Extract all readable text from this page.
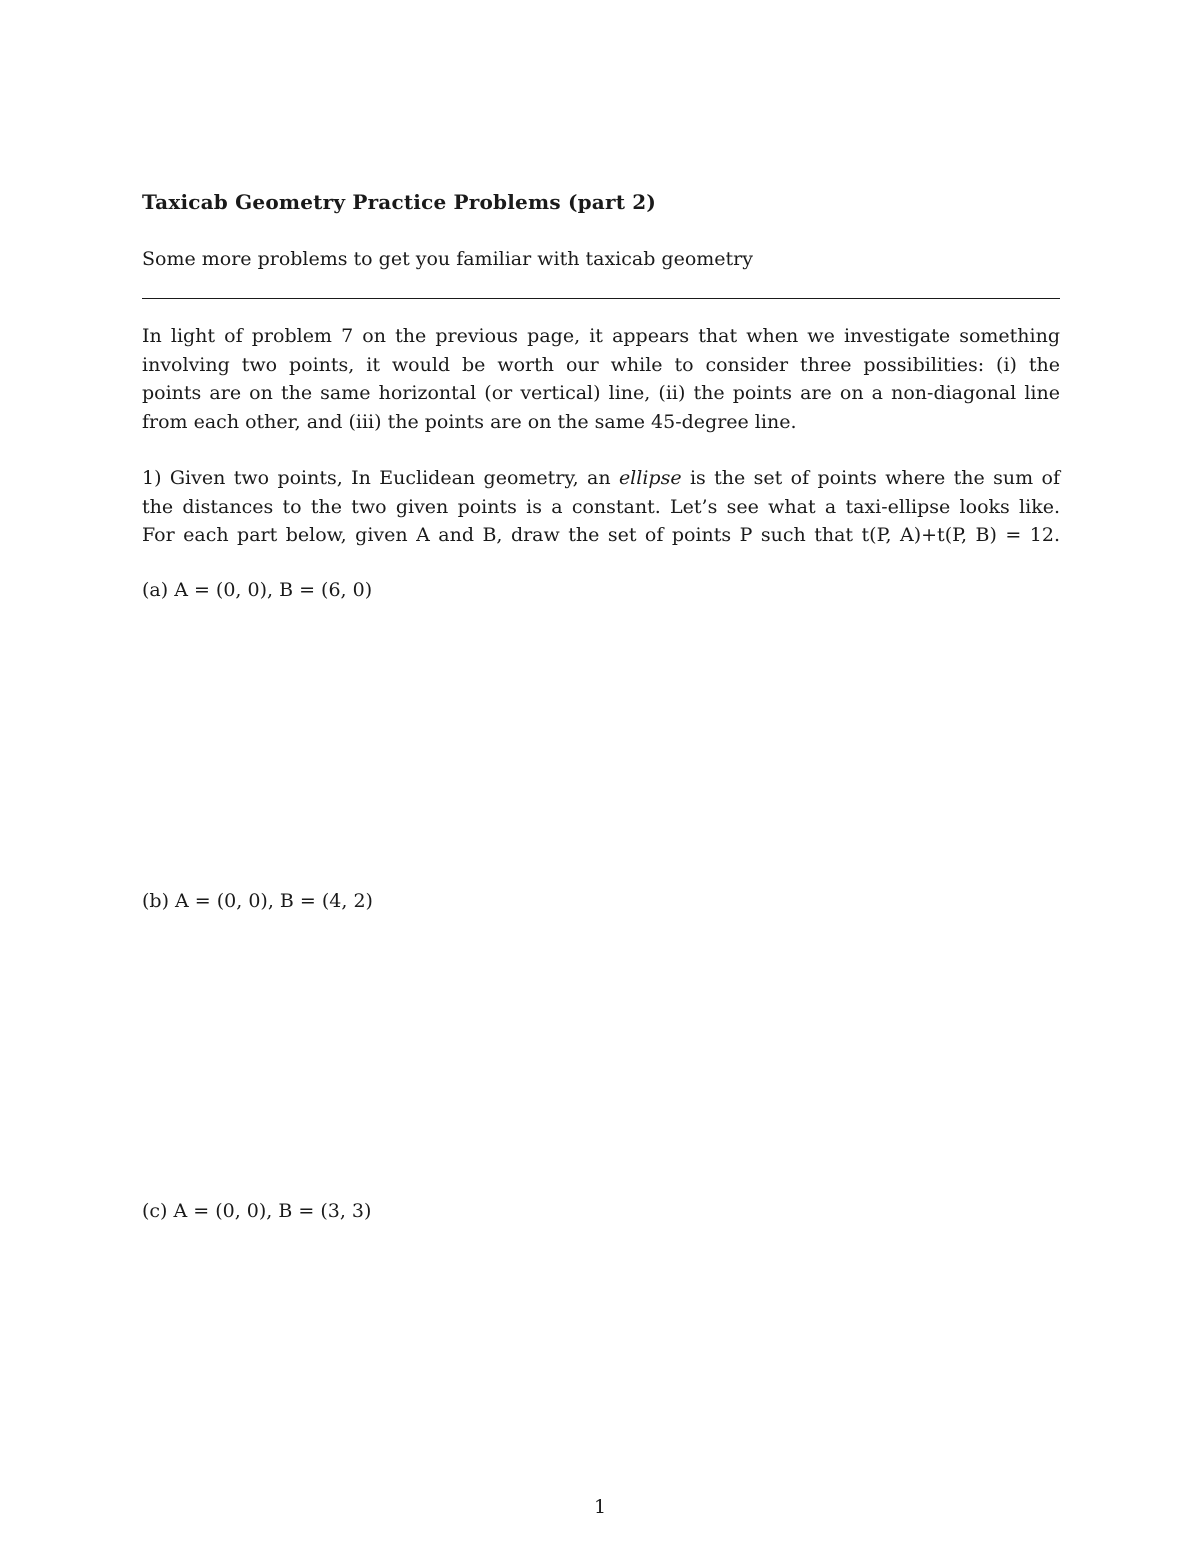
Taxicab Geometry Practice Problems (part 2)
Some more problems to get you familiar with taxicab geometry
In light of problem 7 on the previous page, it appears that when we investigate something
involving two points, it would be worth our while to consider three possibilities: (i) the
points are on the same horizontal (or vertical) line, (ii) the points are on a non-diagonal line
from each other, and (iii) the points are on the same 45-degree line.
1) Given two points, In Euclidean geometry, an ellipse is the set of points where the sum of
the distances to the two given points is a constant. Let’s see what a taxi-ellipse looks like.
For each part below, given A and B, draw the set of points P such that t(P, A)+t(P, B) = 12.
(a) A = (0, 0), B = (6, 0)
(b) A = (0, 0), B = (4, 2)
(c) A = (0, 0), B = (3, 3)
1
